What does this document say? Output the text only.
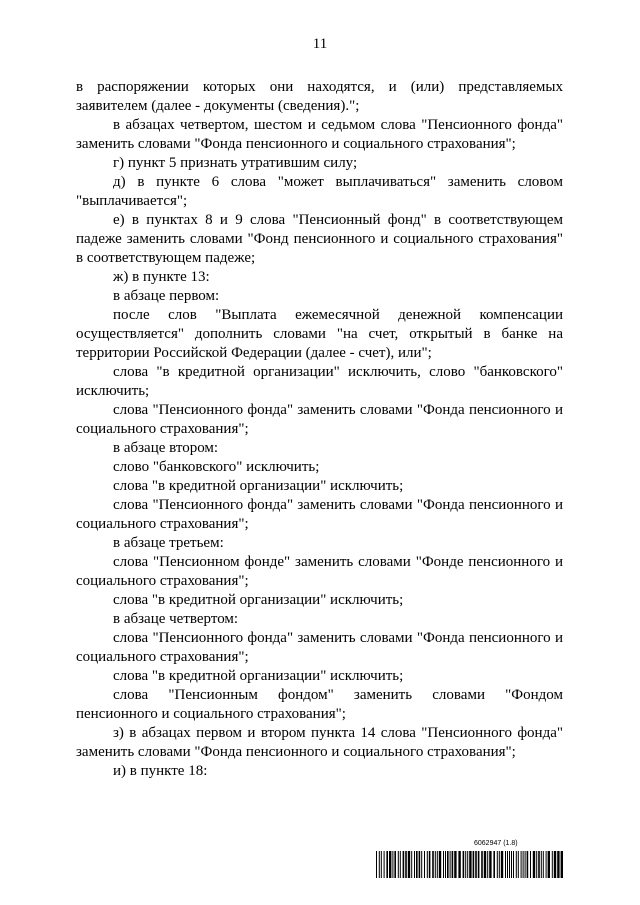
11

в распоряжении которых они находятся, и (или) представляемых заявителем (далее - документы (сведения).";

в абзацах четвертом, шестом и седьмом слова "Пенсионного фонда" заменить словами "Фонда пенсионного и социального страхования";

г) пункт 5 признать утратившим силу;

д) в пункте 6 слова "может выплачиваться" заменить словом "выплачивается";

е) в пунктах 8 и 9 слова "Пенсионный фонд" в соответствующем падеже заменить словами "Фонд пенсионного и социального страхования" в соответствующем падеже;

ж) в пункте 13:

в абзаце первом:

после слов "Выплата ежемесячной денежной компенсации осуществляется" дополнить словами "на счет, открытый в банке на территории Российской Федерации (далее - счет), или";

слова "в кредитной организации" исключить, слово "банковского" исключить;

слова "Пенсионного фонда" заменить словами "Фонда пенсионного и социального страхования";

в абзаце втором:

слово "банковского" исключить;

слова "в кредитной организации" исключить;

слова "Пенсионного фонда" заменить словами "Фонда пенсионного и социального страхования";

в абзаце третьем:

слова "Пенсионном фонде" заменить словами "Фонде пенсионного и социального страхования";

слова "в кредитной организации" исключить;

в абзаце четвертом:

слова "Пенсионного фонда" заменить словами "Фонда пенсионного и социального страхования";

слова "в кредитной организации" исключить;

слова "Пенсионным фондом" заменить словами "Фондом пенсионного и социального страхования";

з) в абзацах первом и втором пункта 14 слова "Пенсионного фонда" заменить словами "Фонда пенсионного и социального страхования";

и) в пункте 18:

6062947 (1.8)
